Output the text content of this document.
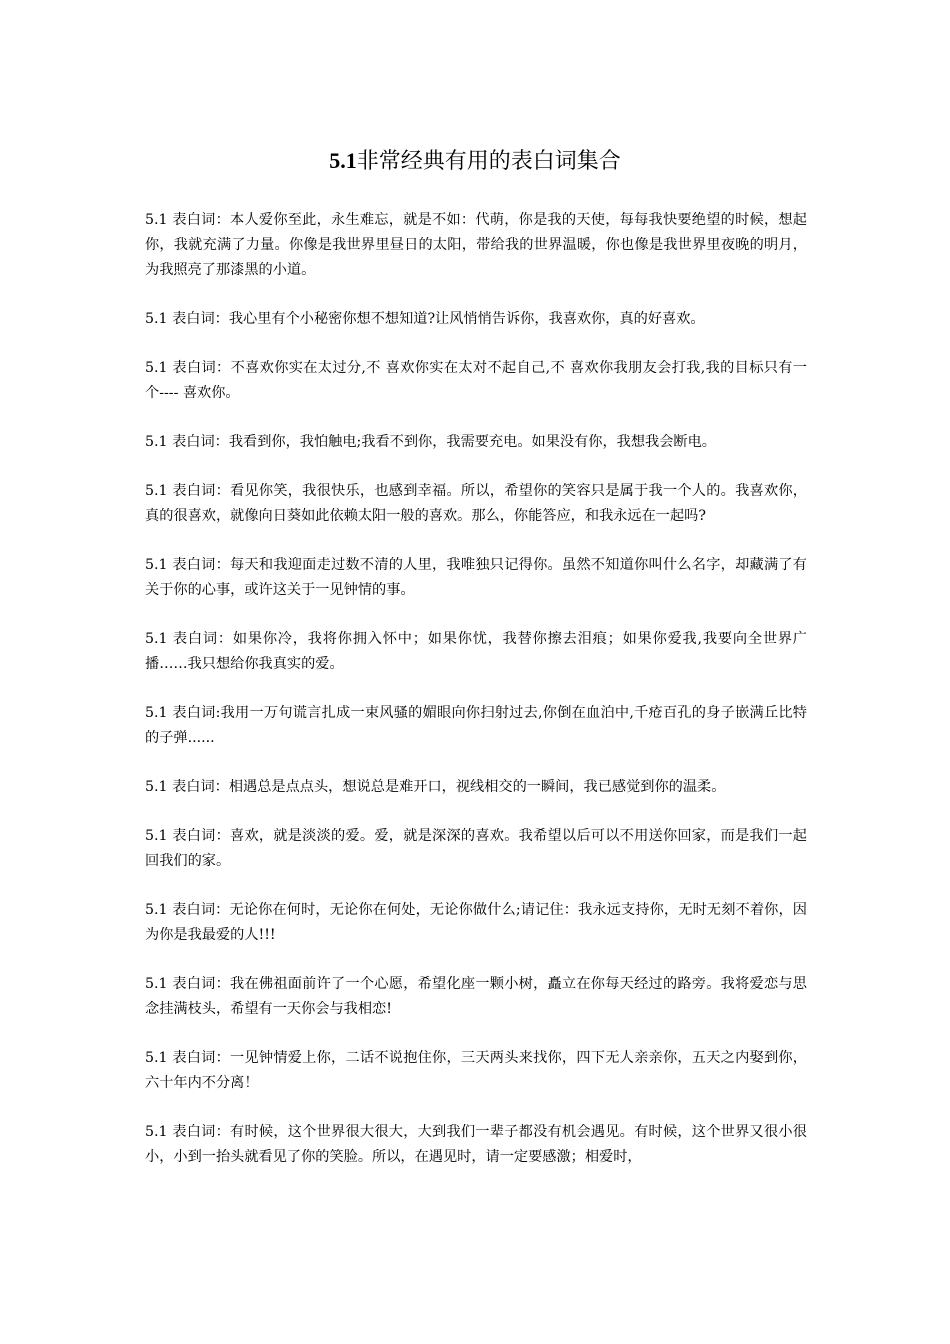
5.1非常经典有用的表白词集合

5.1 表白词：本人爱你至此，永生难忘，就是不如：代萌，你是我的天使，每每我快要绝望的时候，想起你，我就充满了力量。你像是我世界里昼日的太阳，带给我的世界温暖，你也像是我世界里夜晚的明月，为我照亮了那漆黑的小道。

5.1 表白词：我心里有个小秘密你想不想知道?让风悄悄告诉你，我喜欢你，真的好喜欢。

5.1 表白词：不喜欢你实在太过分,不 喜欢你实在太对不起自己,不 喜欢你我朋友会打我,我的目标只有一个---- 喜欢你。

5.1 表白词：我看到你，我怕触电;我看不到你，我需要充电。如果没有你，我想我会断电。

5.1 表白词：看见你笑，我很快乐，也感到幸福。所以，希望你的笑容只是属于我一个人的。我喜欢你，真的很喜欢，就像向日葵如此依赖太阳一般的喜欢。那么，你能答应，和我永远在一起吗?

5.1 表白词：每天和我迎面走过数不清的人里，我唯独只记得你。虽然不知道你叫什么名字，却藏满了有关于你的心事，或许这关于一见钟情的事。

5.1 表白词：如果你冷，我将你拥入怀中；如果你忧，我替你擦去泪痕；如果你爱我,我要向全世界广播……我只想给你我真实的爱。

5.1 表白词:我用一万句谎言扎成一束风骚的媚眼向你扫射过去,你倒在血泊中,千疮百孔的身子嵌满丘比特的子弹......

5.1 表白词：相遇总是点点头，想说总是难开口，视线相交的一瞬间，我已感觉到你的温柔。

5.1 表白词：喜欢，就是淡淡的爱。爱，就是深深的喜欢。我希望以后可以不用送你回家，而是我们一起回我们的家。

5.1 表白词：无论你在何时，无论你在何处，无论你做什么;请记住：我永远支持你，无时无刻不着你，因为你是我最爱的人!!!

5.1 表白词：我在佛祖面前许了一个心愿，希望化座一颗小树，矗立在你每天经过的路旁。我将爱恋与思念挂满枝头，希望有一天你会与我相恋!

5.1 表白词：一见钟情爱上你，二话不说抱住你，三天两头来找你，四下无人亲亲你，五天之内娶到你，六十年内不分离！

5.1 表白词：有时候，这个世界很大很大，大到我们一辈子都没有机会遇见。有时候，这个世界又很小很小，小到一抬头就看见了你的笑脸。所以，在遇见时，请一定要感激；相爱时，
